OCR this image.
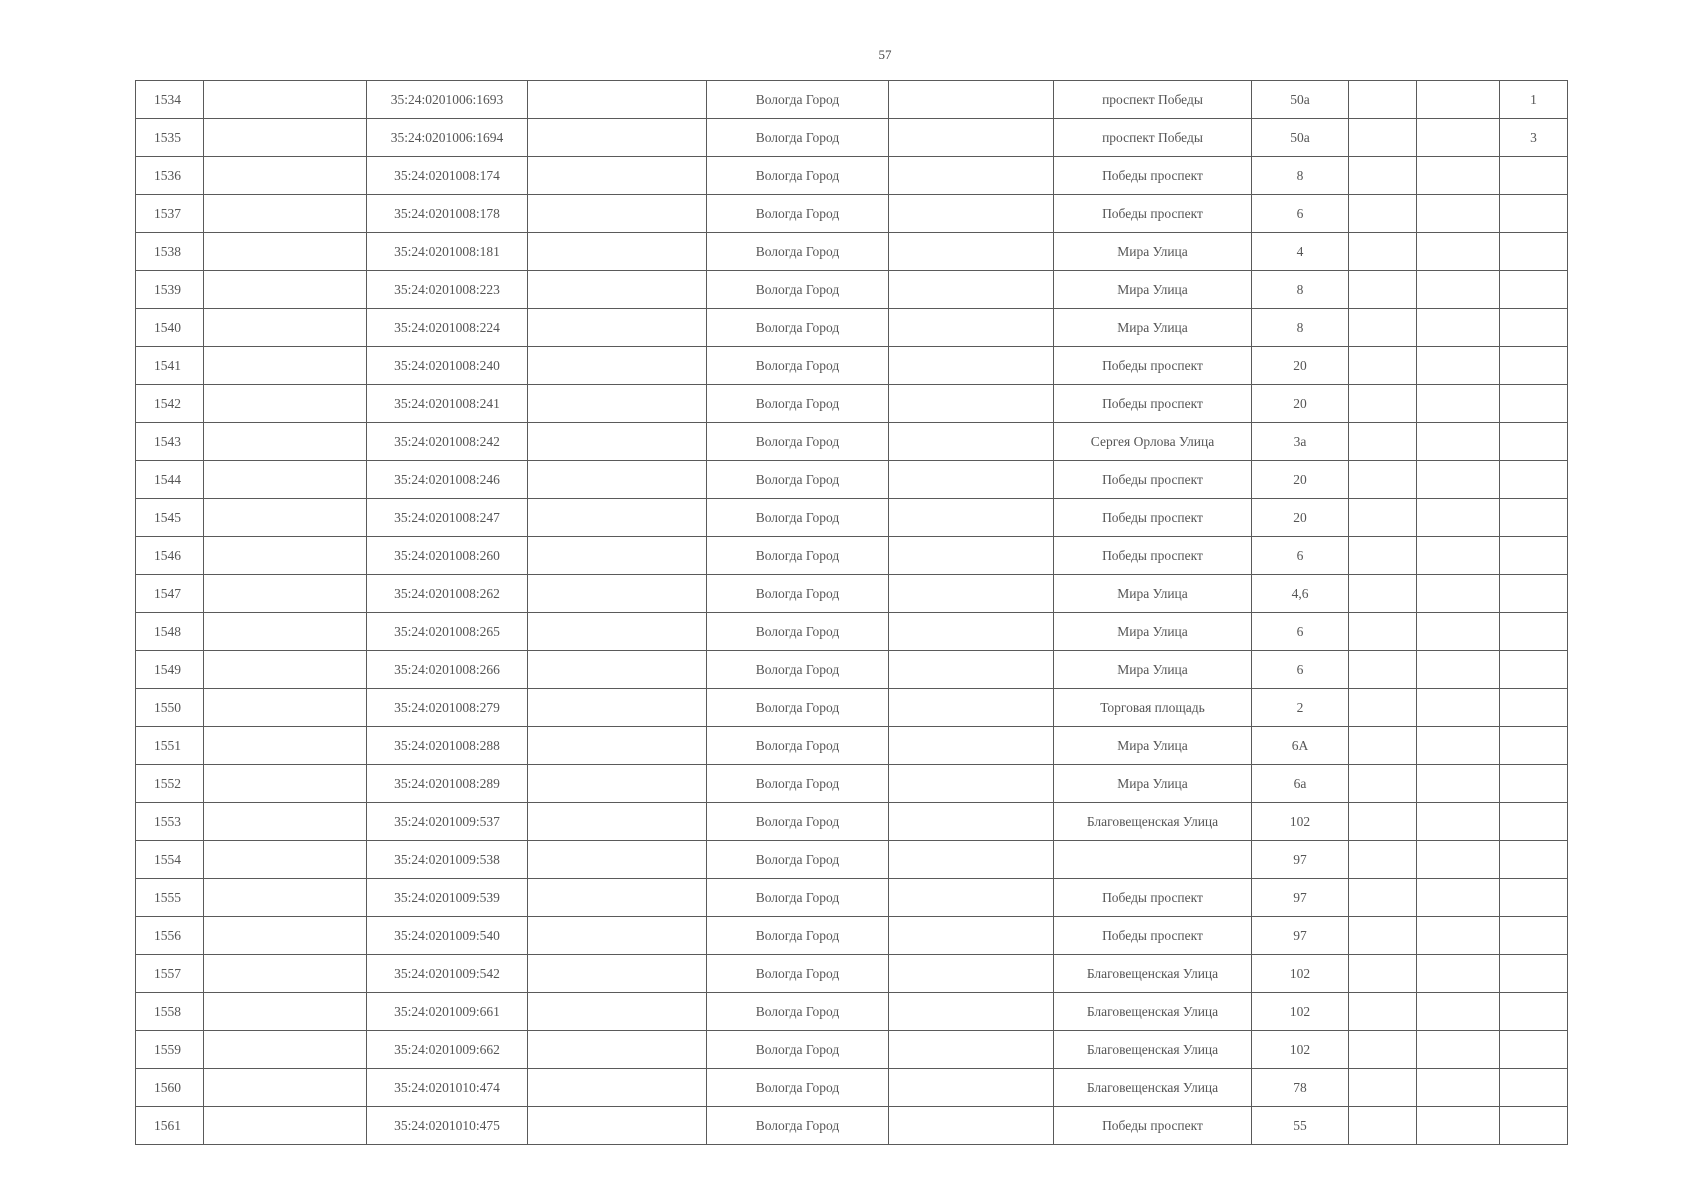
57
1534		35:24:0201006:1693		Вологда Город		проспект Победы	50а			1
1535		35:24:0201006:1694		Вологда Город		проспект Победы	50а			3
1536		35:24:0201008:174		Вологда Город		Победы проспект	8			
1537		35:24:0201008:178		Вологда Город		Победы проспект	6			
1538		35:24:0201008:181		Вологда Город		Мира Улица	4			
1539		35:24:0201008:223		Вологда Город		Мира Улица	8			
1540		35:24:0201008:224		Вологда Город		Мира Улица	8			
1541		35:24:0201008:240		Вологда Город		Победы проспект	20			
1542		35:24:0201008:241		Вологда Город		Победы проспект	20			
1543		35:24:0201008:242		Вологда Город		Сергея Орлова Улица	3а			
1544		35:24:0201008:246		Вологда Город		Победы проспект	20			
1545		35:24:0201008:247		Вологда Город		Победы проспект	20			
1546		35:24:0201008:260		Вологда Город		Победы проспект	6			
1547		35:24:0201008:262		Вологда Город		Мира Улица	4,6			
1548		35:24:0201008:265		Вологда Город		Мира Улица	6			
1549		35:24:0201008:266		Вологда Город		Мира Улица	6			
1550		35:24:0201008:279		Вологда Город		Торговая площадь	2			
1551		35:24:0201008:288		Вологда Город		Мира Улица	6А			
1552		35:24:0201008:289		Вологда Город		Мира Улица	6а			
1553		35:24:0201009:537		Вологда Город		Благовещенская Улица	102			
1554		35:24:0201009:538		Вологда Город			97			
1555		35:24:0201009:539		Вологда Город		Победы проспект	97			
1556		35:24:0201009:540		Вологда Город		Победы проспект	97			
1557		35:24:0201009:542		Вологда Город		Благовещенская Улица	102			
1558		35:24:0201009:661		Вологда Город		Благовещенская Улица	102			
1559		35:24:0201009:662		Вологда Город		Благовещенская Улица	102			
1560		35:24:0201010:474		Вологда Город		Благовещенская Улица	78			
1561		35:24:0201010:475		Вологда Город		Победы проспект	55			
